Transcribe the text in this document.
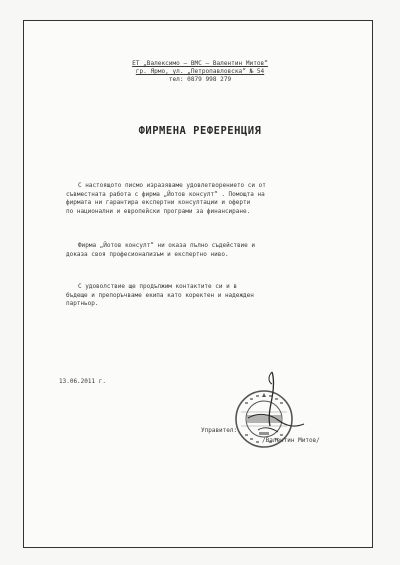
ЕТ „Валексимо – ВМС – Валентин Митов“
гр. Ярмо, ул. „Петропавловска“ № 54
тел: 0879 998 279
ФИРМЕНА РЕФЕРЕНЦИЯ
С настоящото писмо изразяваме удовлетворението си от
съвместната работа с фирма „Йотов консулт“ . Помощта на
фирмата ни гарантира експертни консултации и оферти
по национални и европейски програми за финансиране.
Фирма „Йотов консулт“ ни оказа пълно съдействие и
доказа своя професионализъм и експертно ниво.
С удоволствие ще продължим контактите си и в
бъдеще и препоръчваме екипа като коректен и надежден
партньор.
13.06.2011 г.
Управител:
/Валентин Митов/
